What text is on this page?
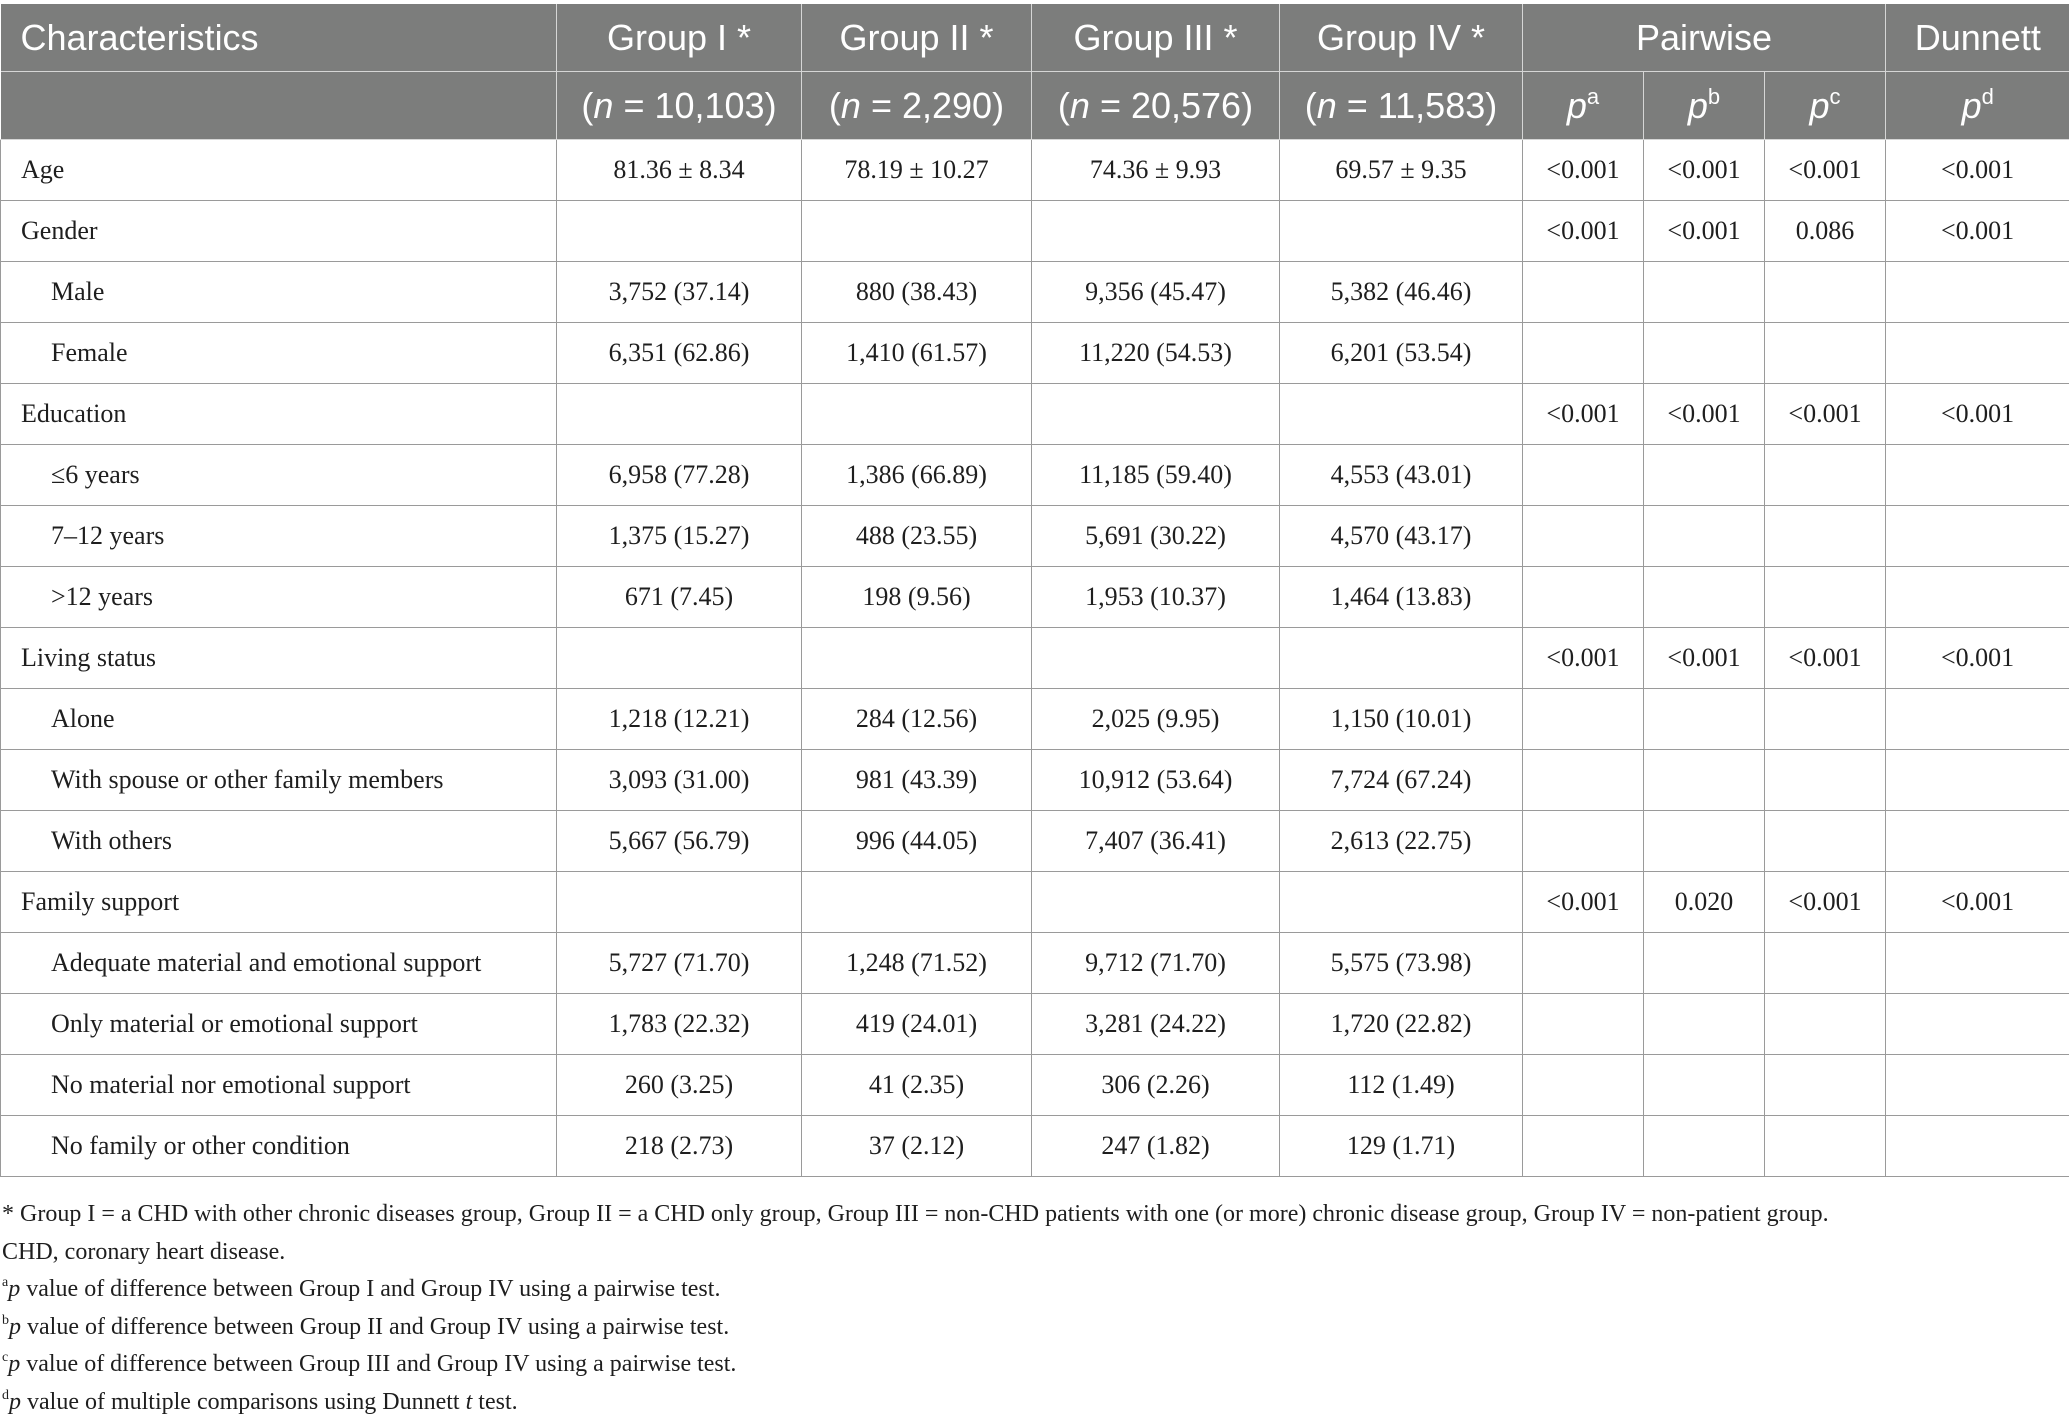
Characteristics	Group I *	Group II *	Group III *	Group IV *	Pairwise			Dunnett
	(n = 10,103)	(n = 2,290)	(n = 20,576)	(n = 11,583)	$p^a$	$p^b$	$p^c$	$p^d$
Age	81.36 ± 8.34	78.19 ± 10.27	74.36 ± 9.93	69.57 ± 9.35	<0.001	<0.001	<0.001	<0.001
Gender					<0.001	<0.001	0.086	<0.001
Male	3,752 (37.14)	880 (38.43)	9,356 (45.47)	5,382 (46.46)				
Female	6,351 (62.86)	1,410 (61.57)	11,220 (54.53)	6,201 (53.54)				
Education					<0.001	<0.001	<0.001	<0.001
≤6 years	6,958 (77.28)	1,386 (66.89)	11,185 (59.40)	4,553 (43.01)				
7–12 years	1,375 (15.27)	488 (23.55)	5,691 (30.22)	4,570 (43.17)				
>12 years	671 (7.45)	198 (9.56)	1,953 (10.37)	1,464 (13.83)				
Living status					<0.001	<0.001	<0.001	<0.001
Alone	1,218 (12.21)	284 (12.56)	2,025 (9.95)	1,150 (10.01)				
With spouse or other family members	3,093 (31.00)	981 (43.39)	10,912 (53.64)	7,724 (67.24)				
With others	5,667 (56.79)	996 (44.05)	7,407 (36.41)	2,613 (22.75)				
Family support					<0.001	0.020	<0.001	<0.001
Adequate material and emotional support	5,727 (71.70)	1,248 (71.52)	9,712 (71.70)	5,575 (73.98)				
Only material or emotional support	1,783 (22.32)	419 (24.01)	3,281 (24.22)	1,720 (22.82)				
No material nor emotional support	260 (3.25)	41 (2.35)	306 (2.26)	112 (1.49)				
No family or other condition	218 (2.73)	37 (2.12)	247 (1.82)	129 (1.71)				
* Group I = a CHD with other chronic diseases group, Group II = a CHD only group, Group III = non-CHD patients with one (or more) chronic disease group, Group IV = non-patient group.
CHD, coronary heart disease.
$^a$p value of difference between Group I and Group IV using a pairwise test.
$^b$p value of difference between Group II and Group IV using a pairwise test.
$^c$p value of difference between Group III and Group IV using a pairwise test.
$^d$p value of multiple comparisons using Dunnett t test.
